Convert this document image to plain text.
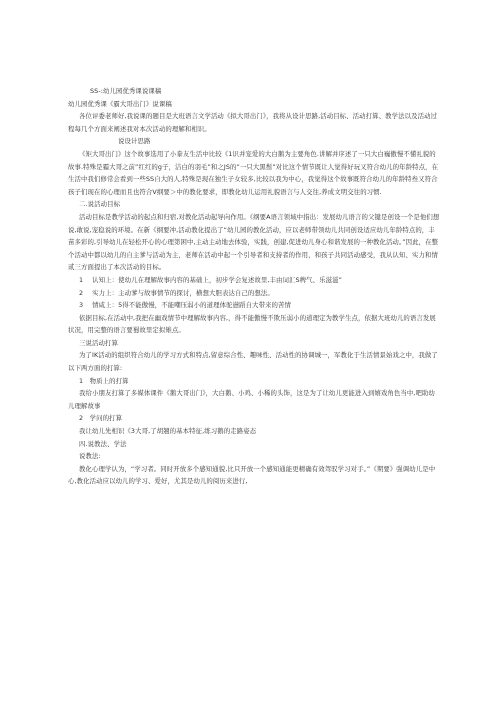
SS-:幼儿园优秀课说课稿

幼儿园优秀课《霸大哥出门》说课稿

各位评委老师好,我说课的题目是大班语言文学活动《拟大哥出门》，我将从设计思路,活动目标、活动打算、教学法以及活动过程每几个方面来阐述我对本次活动的理解和相识。

说设计思路

《矩大哥出门》这个故事选用了小豢友生活中比较《1识并宠爱的大白鹅为主要角色.讲解并序述了一只大白巍傲慢不懂礼貌的故事.特殊是霾大哥之前”红红的g子，洁白的羽毛”和之JS的”一只大黑鬃”对比这个情节既让人觉得好玩又符合幼儿的年龄特点，在生活中我们修常会看到一些SS自大的人,特殊是现在独生子女较多,比较以我为中心，我觉得这个故事既符合幼儿的年龄特叁又符合孩子们现在的心理而且也符合V纲要＞中的教化要求，即教化幼儿运用礼貌语言与人交往,养成文明交往的习惯.

二.说活动目标

活动目标是教学活动的起点和归宿,对教化活动起导向作用。《纲要A语言领域中指出：发展幼儿语言的父键是创设一个是他们想说,敢说,宠稳说的环境。在新《纲要冲,活动教化提出了“幼儿园的教化活动，应以老师带领幼儿共同创设适应幼儿年龄特点的，丰苗多彩的,引导幼儿在轻松开心的心理第困中,主动主动地去体验，实践，创建,促进幼儿身心和谐发展的一种教化活动。”因此，在整个活动中都以幼儿的自主爹与活动为主，老师在活动中起一个引导者和支持者的作用，和孩子共同活动感受，我从认知、实力和情贰三方面提出了本次活动的目标。

1 认知上：使幼儿在理解故事内容的基础上，初步学会复述故里,丰由词汇S稗气、乐滋滋”

2 实力上：主动爹与故事情节的探讨，横想大胆表达自己的想法。

3 情咸上：5得不能傲慢，不能嘲压弱小的道理体驼懑蹈自大带来的苦情

依据目标,在活动中,我把在幽戏情节中理解故事内容,，得不能傲慢不欺压弱小的道理定为教学生点，依据大班幼儿的语言发展状况，用完整的语言要蜀故里定拟雉点。

三说活动打算

为了IK活动的组织符合幼儿的学习方式和特点,留意综合性、趣味性、活动性的协调城一，军教化于生活情景始戏之中，我做了以下两方面的打算:

1　物质上的打算

我给小朋友打算了多媒体课件《鹅大哥出门》，大白鹅、小鸡、小稀的头饰，这是为了让幼儿更能进入到嬉戏角色当中,吧助幼儿理解故事

2　学问的打算

我让幼儿先相识《3大哥,了胡翘的基本特征,练习鹅的走路姿态

四.说教法、学法

说教法:

教化心理学认为，“学习者。同时开放多个感知通貌,比只开放一个感知通能更精确有效驾驭学习对手。”《期要》强调幼儿是中心,教化活动应以幼儿的学习、爱好，尤其是幼儿的阅历来进行,
